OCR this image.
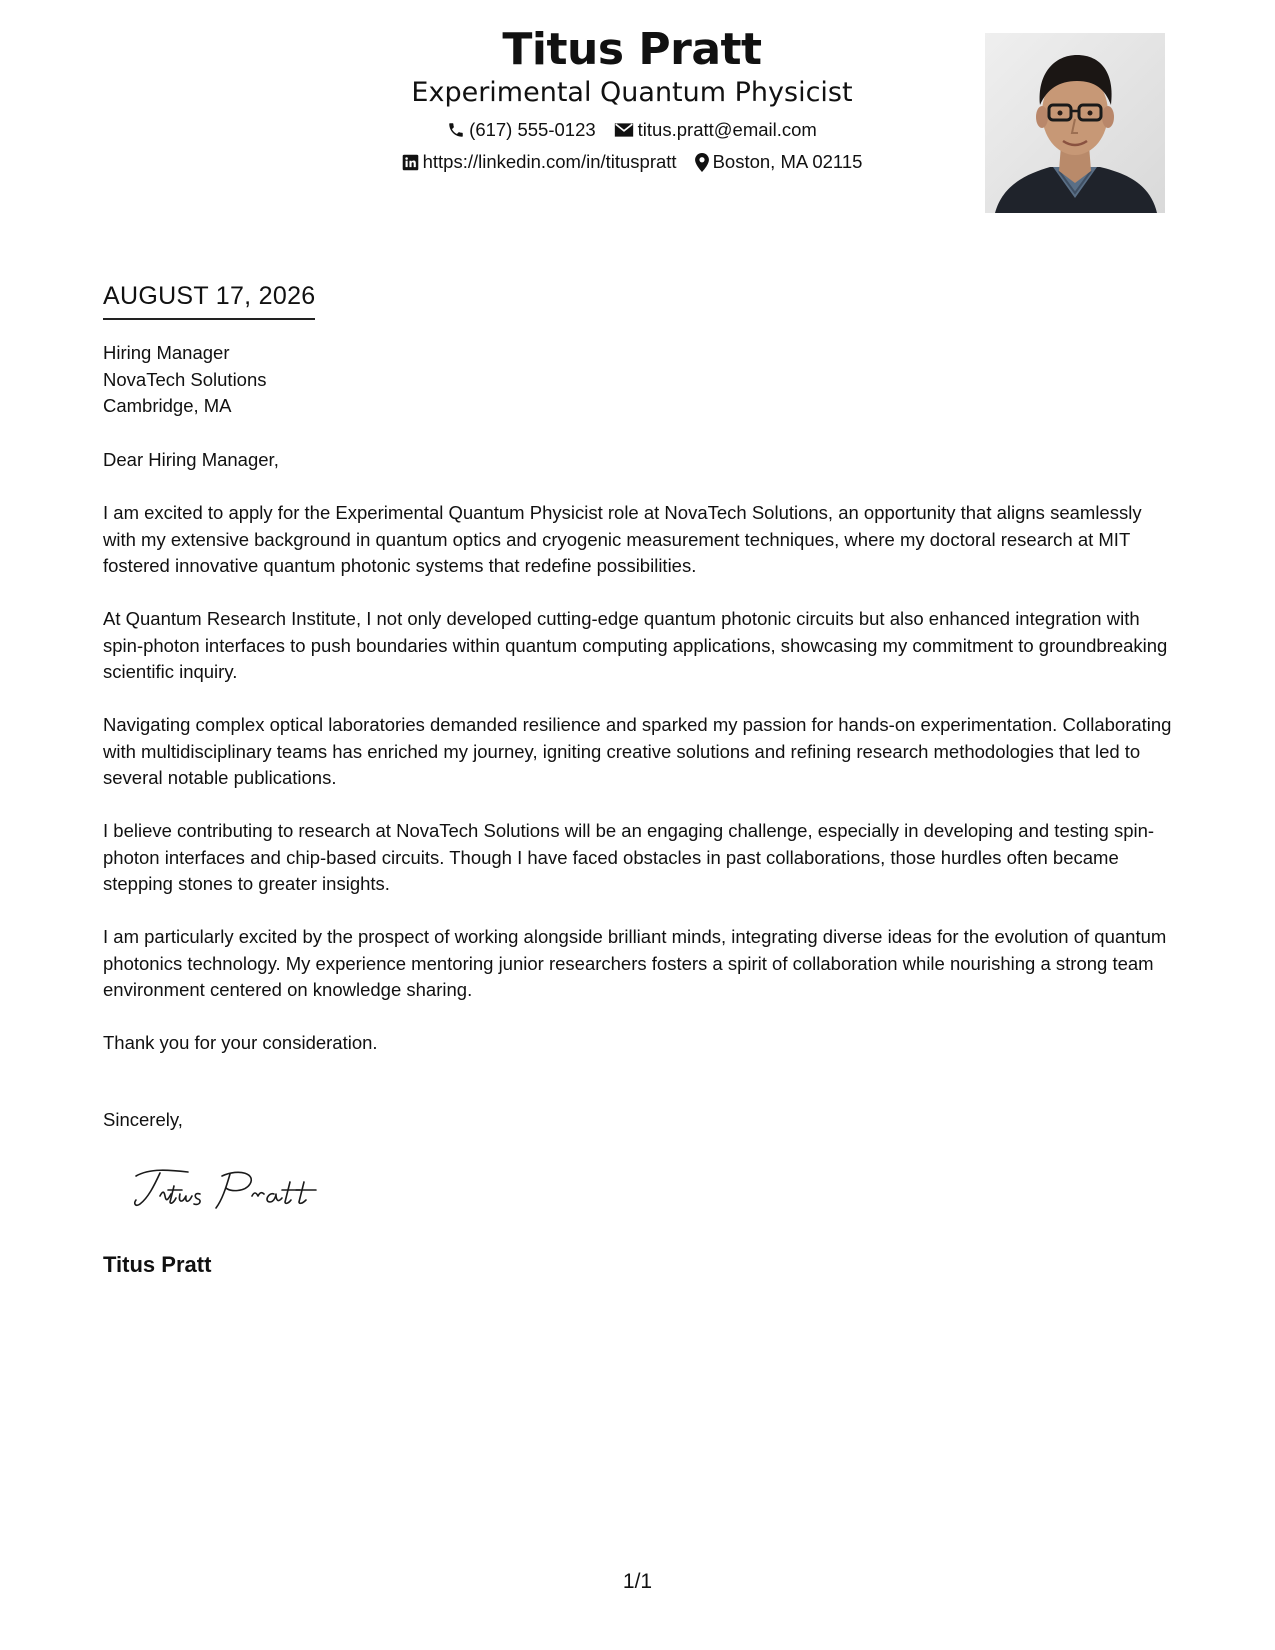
Titus Pratt
Experimental Quantum Physicist
(617) 555-0123 titus.pratt@email.com
https://linkedin.com/in/tituspratt Boston, MA 02115
AUGUST 17, 2026
Hiring Manager
NovaTech Solutions
Cambridge, MA

Dear Hiring Manager,

I am excited to apply for the Experimental Quantum Physicist role at NovaTech Solutions, an opportunity that aligns seamlessly with my extensive background in quantum optics and cryogenic measurement techniques, where my doctoral research at MIT fostered innovative quantum photonic systems that redefine possibilities.

At Quantum Research Institute, I not only developed cutting-edge quantum photonic circuits but also enhanced integration with spin-photon interfaces to push boundaries within quantum computing applications, showcasing my commitment to groundbreaking scientific inquiry.

Navigating complex optical laboratories demanded resilience and sparked my passion for hands-on experimentation. Collaborating with multidisciplinary teams has enriched my journey, igniting creative solutions and refining research methodologies that led to several notable publications.

I believe contributing to research at NovaTech Solutions will be an engaging challenge, especially in developing and testing spin-photon interfaces and chip-based circuits. Though I have faced obstacles in past collaborations, those hurdles often became stepping stones to greater insights.

I am particularly excited by the prospect of working alongside brilliant minds, integrating diverse ideas for the evolution of quantum photonics technology. My experience mentoring junior researchers fosters a spirit of collaboration while nourishing a strong team environment centered on knowledge sharing.

Thank you for your consideration.

Sincerely,
Titus Pratt
1/1
